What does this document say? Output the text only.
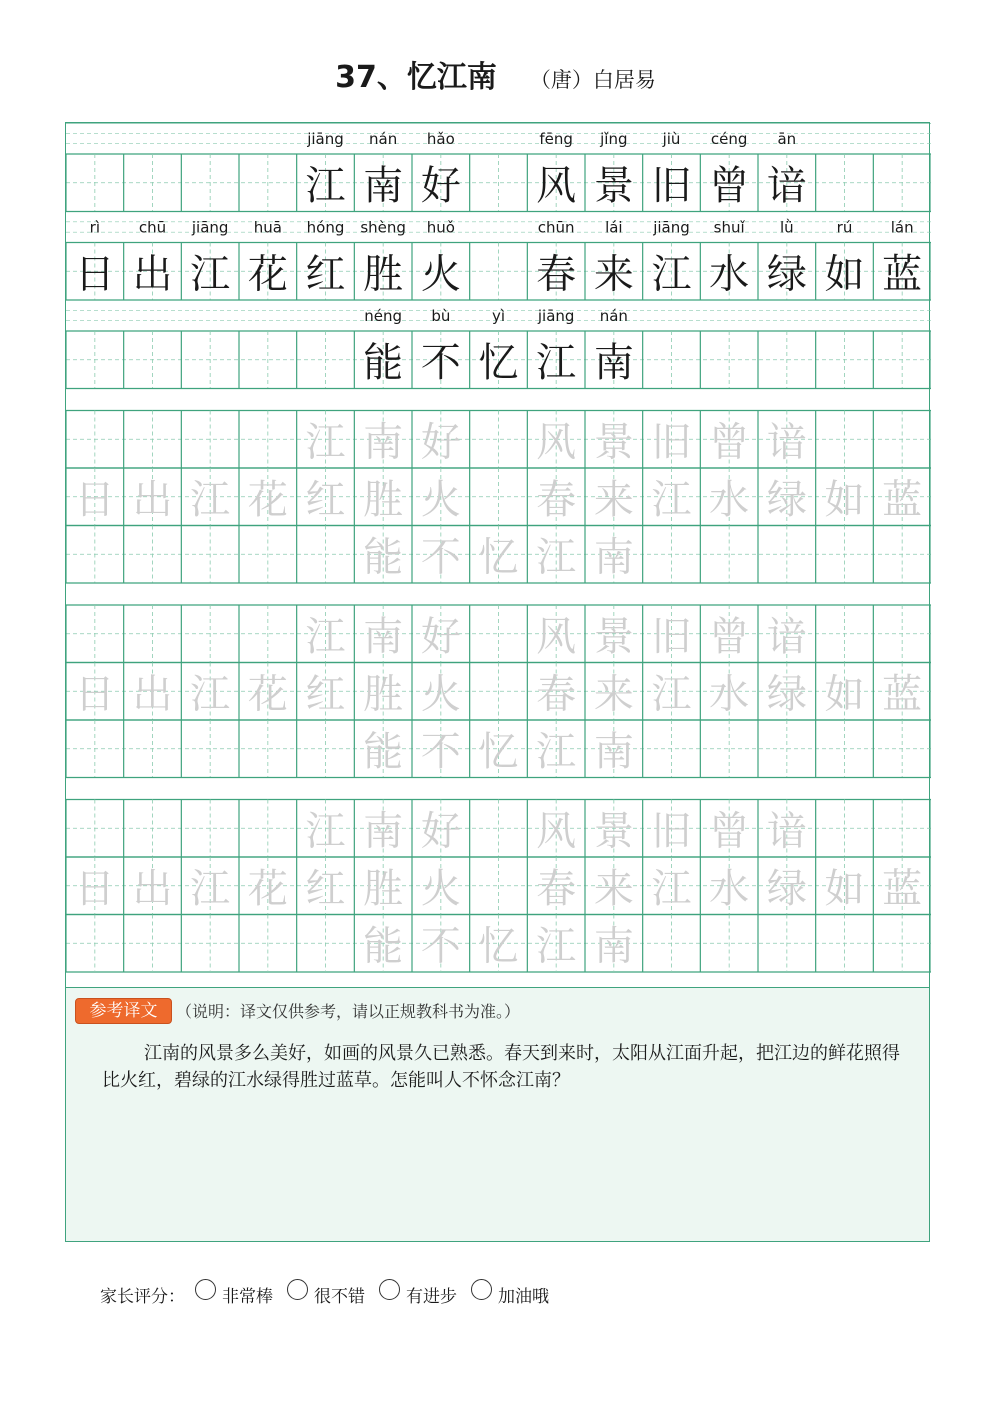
37、忆江南 （唐）白居易
jiāng nán hǎo	fēng jǐng jiù céng ān
江 南 好 风 景 旧 曾 谙
rì	chū jiāng huā hóng shèng huǒ	chūn lái jiāng shuǐ lǜ	rú	lán
日 出 江 花 红 胜 火 春 来 江 水 绿 如 蓝
néng bù	yì jiāng nán
能 不 忆 江 南
江 南 好 风 景 旧 曾 谙
日 出 江 花 红 胜 火 春 来 江 水 绿 如 蓝
能 不 忆 江 南
江 南 好 风 景 旧 曾 谙
日 出 江 花 红 胜 火 春 来 江 水 绿 如 蓝
能 不 忆 江 南
江 南 好 风 景 旧 曾 谙
日 出 江 花 红 胜 火 春 来 江 水 绿 如 蓝
能 不 忆 江 南
参考译文	（说明：译文仅供参考，请以正规教科书为准。）
江南的风景多么美好，如画的风景久已熟悉。春天到来时，太阳从江面升起，把江边的鲜花照得比火红，碧绿的江水绿得胜过蓝草。怎能叫人不怀念江南？
家长评分： 非常棒 很不错 有进步 加油哦
